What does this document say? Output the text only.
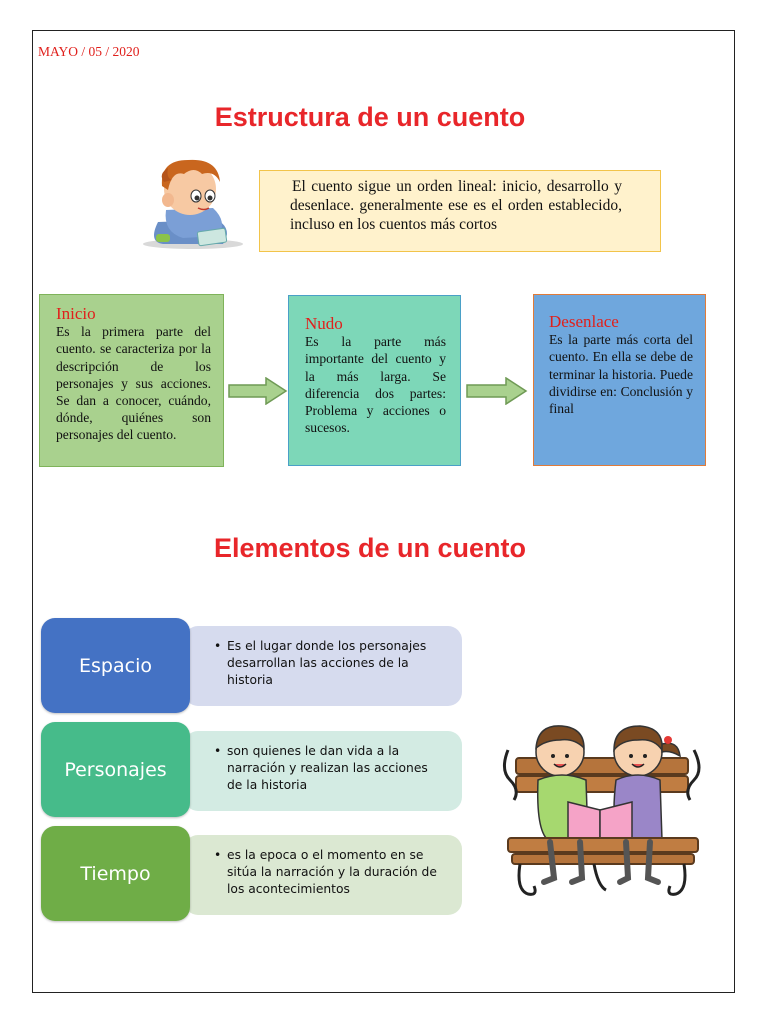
MAYO / 05 / 2020
Estructura de un cuento
El cuento sigue un orden lineal: inicio, desarrollo y desenlace. generalmente ese es el orden establecido, incluso en los cuentos más cortos
Inicio
Es la primera parte del cuento. se caracteriza por la descripción de los personajes y sus acciones. Se dan a conocer, cuándo, dónde, quiénes son personajes del cuento.
Nudo
Es la parte más importante del cuento y la más larga. Se diferencia dos partes: Problema y acciones o sucesos.
Desenlace
Es la parte más corta del cuento. En ella se debe de terminar la historia. Puede dividirse en: Conclusión y final
Elementos de un cuento
• Es el lugar donde los personajes desarrollan las acciones de la historia
Espacio
• son quienes le dan vida a la narración y realizan las acciones de la historia
Personajes
• es la epoca o el momento en se sitúa la narración y la duración de los acontecimientos
Tiempo
